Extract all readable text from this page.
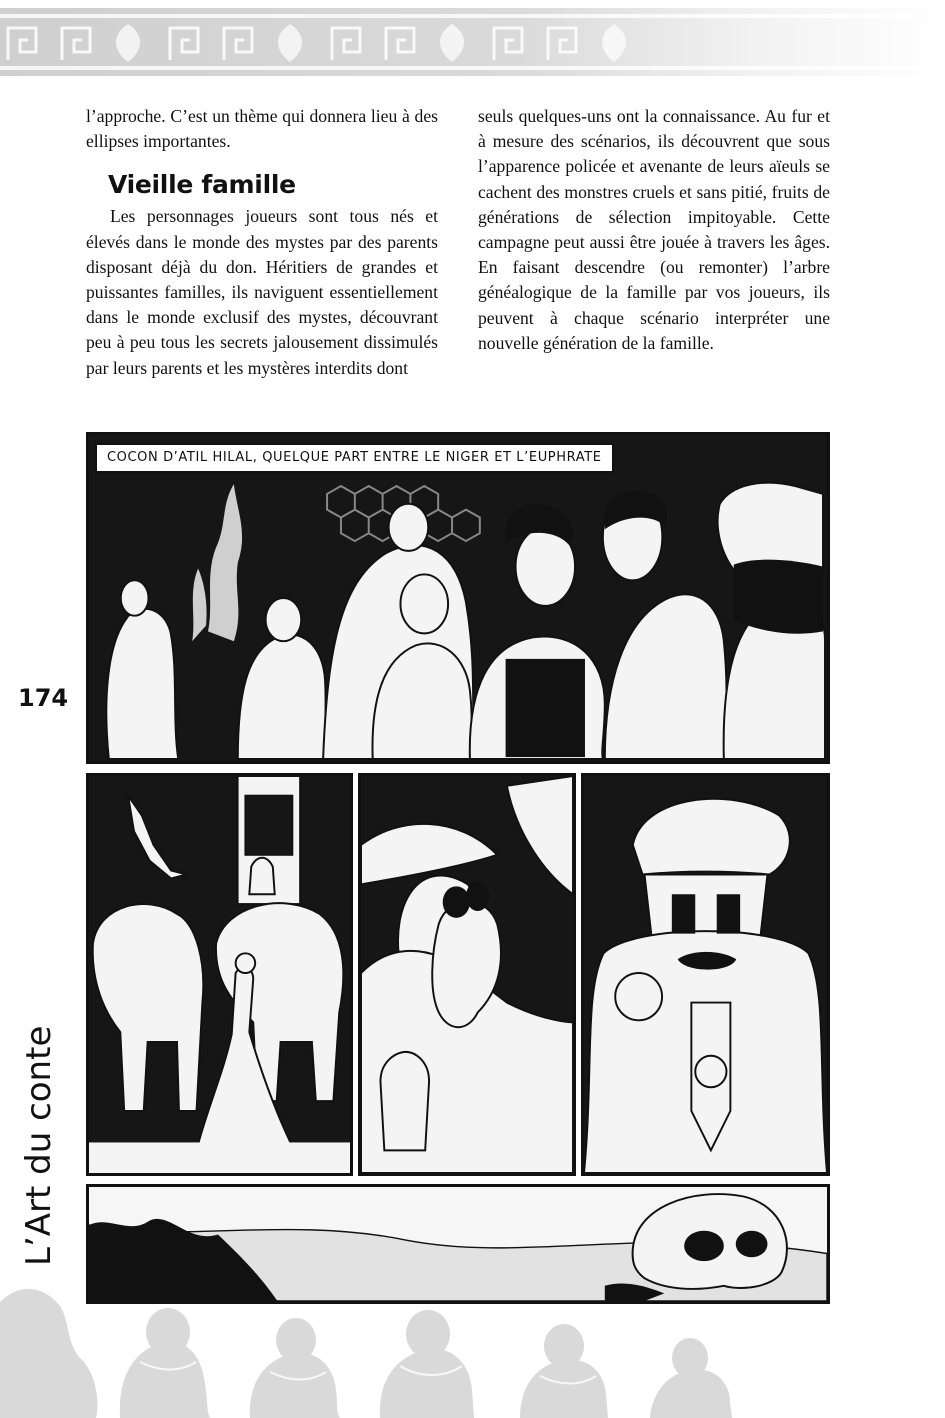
l’approche. C’est un thème qui donnera lieu à des ellipses importantes.

Vieille famille

Les personnages joueurs sont tous nés et élevés dans le monde des mystes par des parents disposant déjà du don. Héritiers de grandes et puissantes familles, ils naviguent essentiellement dans le monde exclusif des mystes, découvrant peu à peu tous les secrets jalousement dissimulés par leurs parents et les mystères interdits dont

seuls quelques-uns ont la connaissance. Au fur et à mesure des scénarios, ils découvrent que sous l’apparence policée et avenante de leurs aïeuls se cachent des monstres cruels et sans pitié, fruits de générations de sélection impitoyable. Cette campagne peut aussi être jouée à travers les âges. En faisant descendre (ou remonter) l’arbre généalogique de la famille par vos joueurs, ils peuvent à chaque scénario interpréter une nouvelle génération de la famille.

174
L’Art du conte
COCON D’ATIL HILAL, QUELQUE PART ENTRE LE NIGER ET L’EUPHRATE
